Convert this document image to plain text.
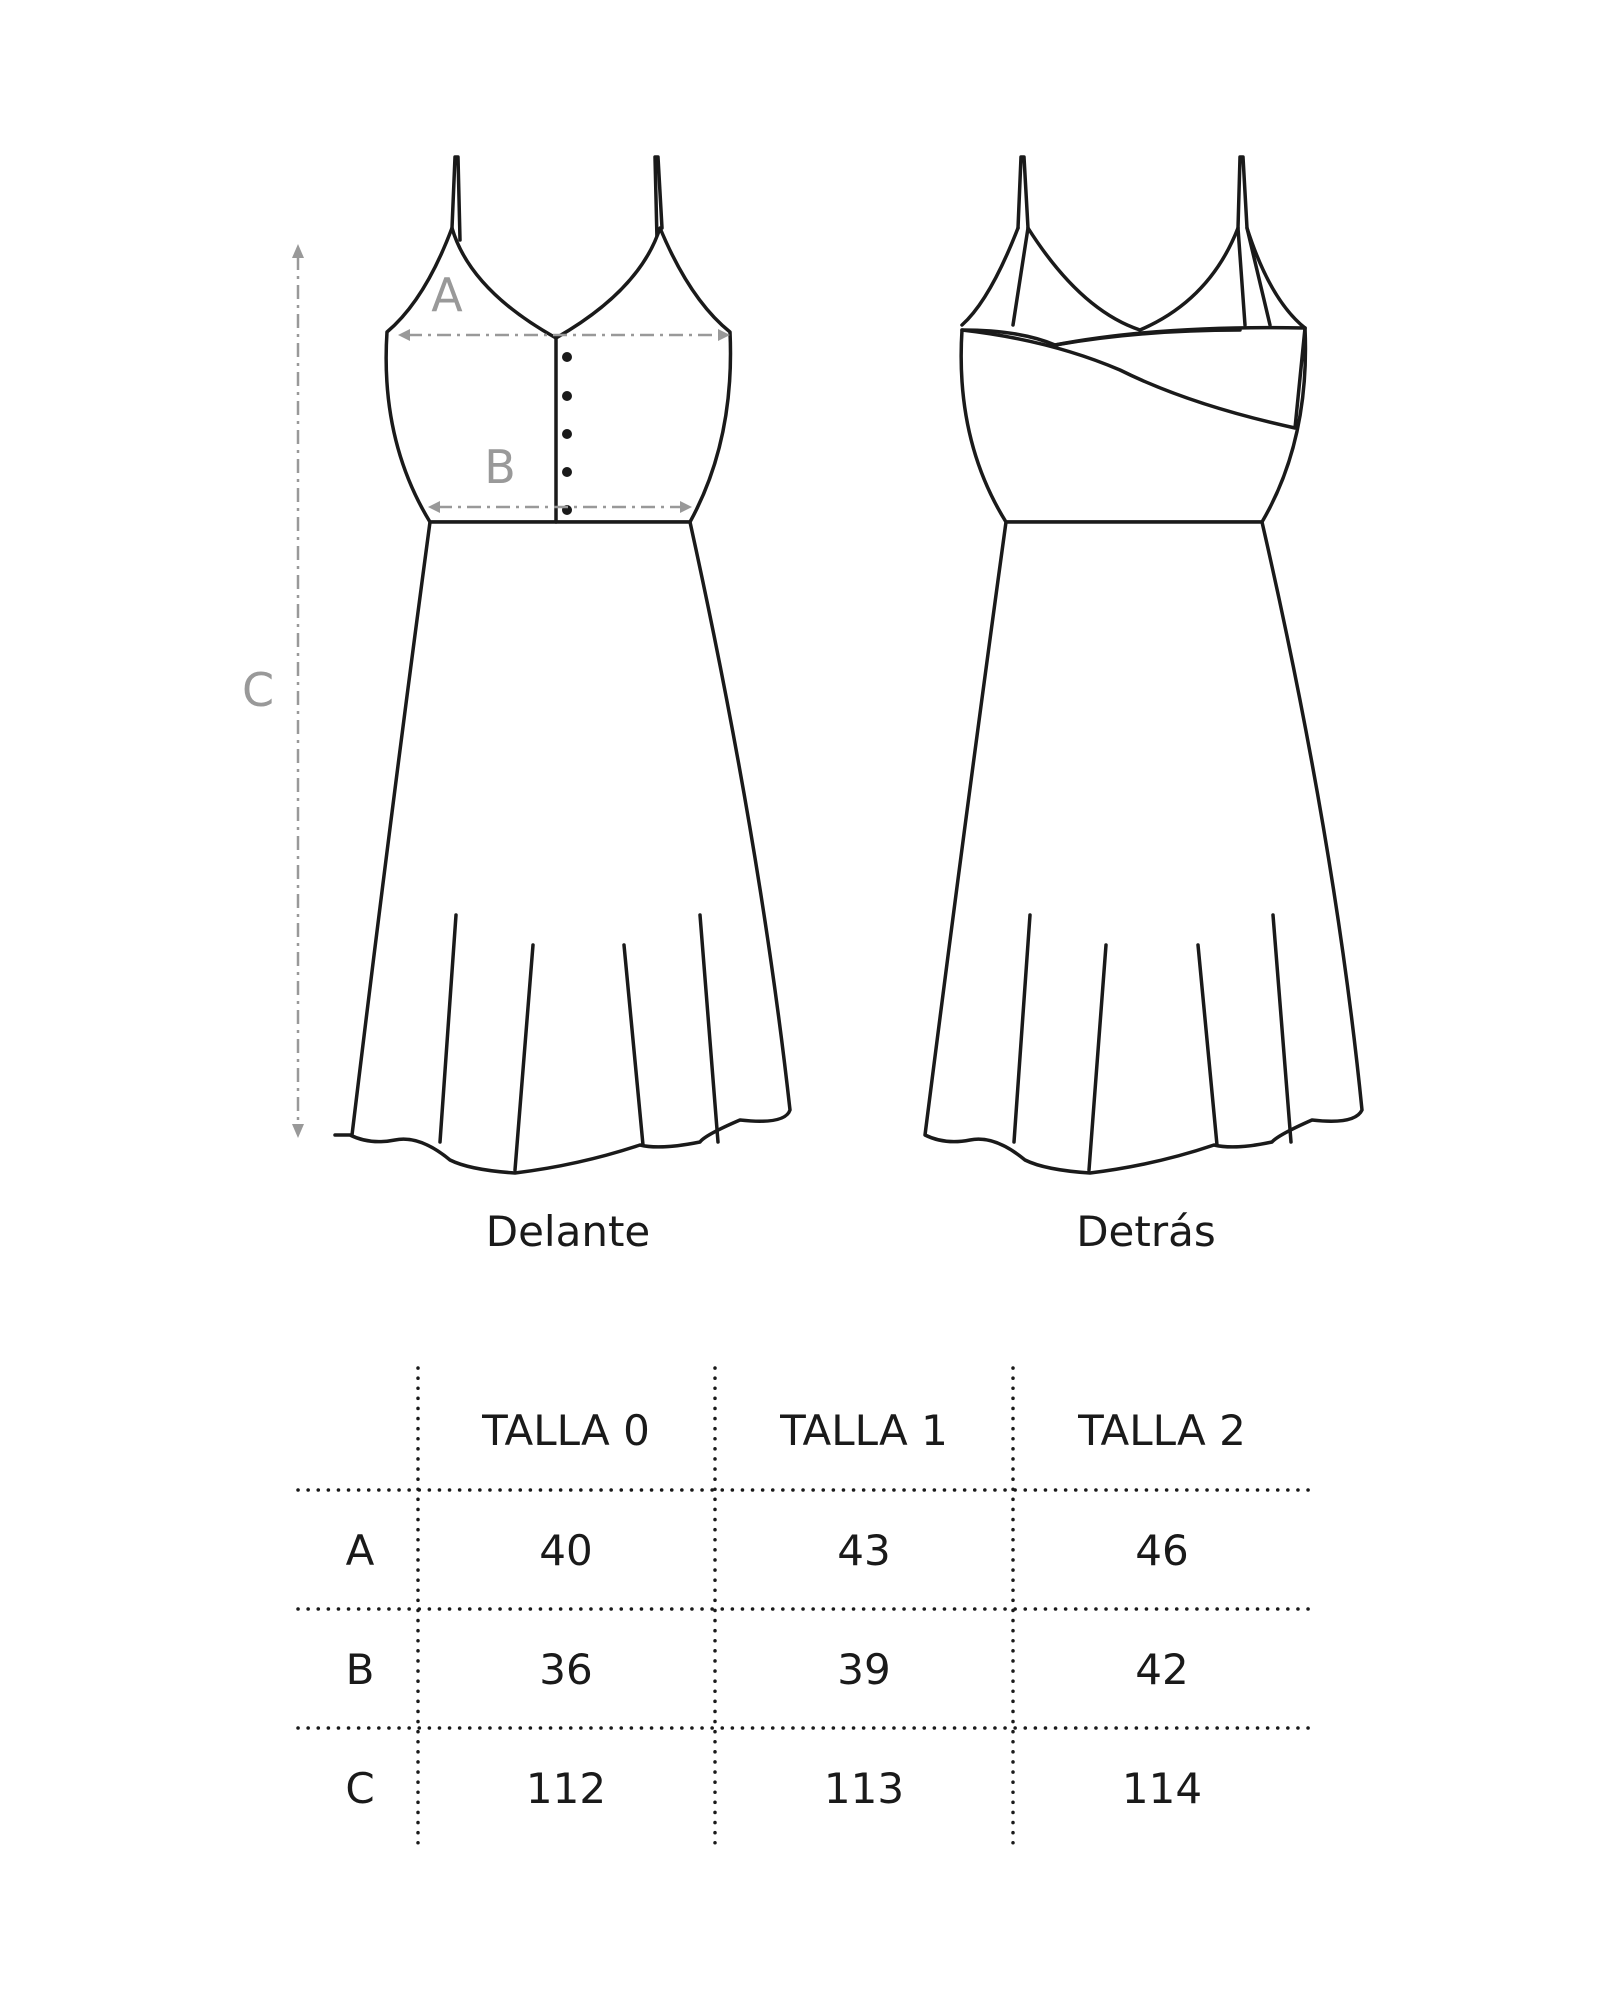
A
B
C
Delante	Detrás
TALLA 0	TALLA 1	TALLA 2
A	40	43	46
B	36	39	42
C	112	113	114
